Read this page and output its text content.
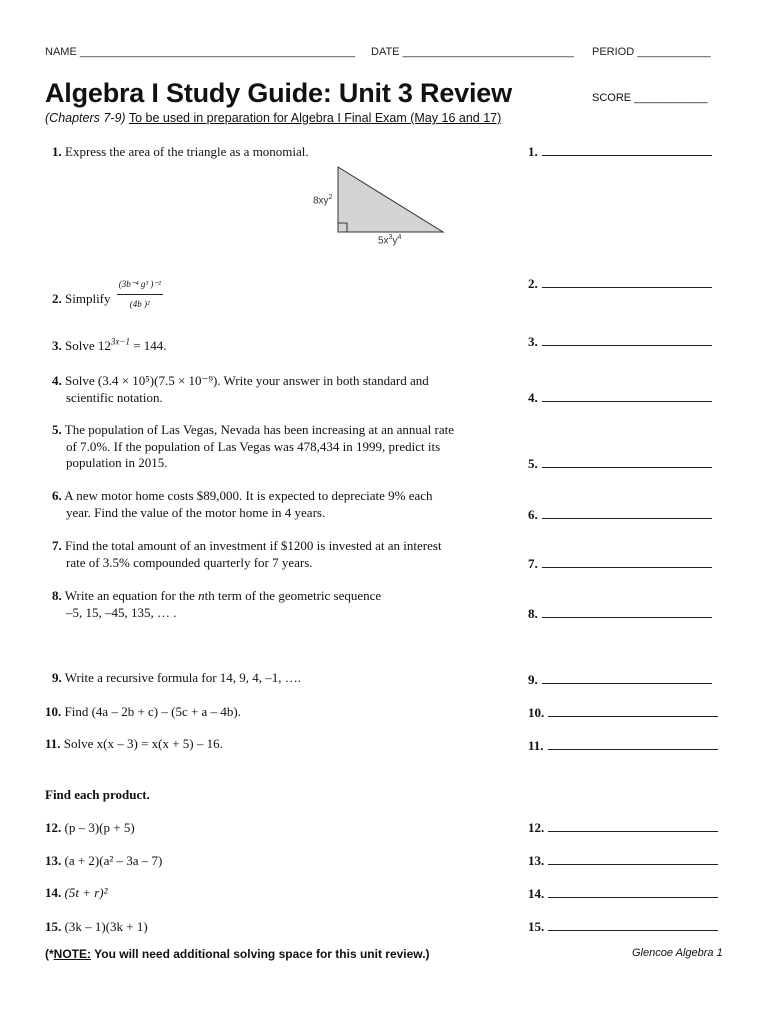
NAME _____________________________________________ DATE ____________________________ PERIOD ____________
Algebra I Study Guide: Unit 3 Review	SCORE ____________
(Chapters 7-9) To be used in preparation for Algebra I Final Exam (May 16 and 17)
1. Express the area of the triangle as a monomial.
$8xy^2$
$5x^3y^4$
2. Simplify $\frac{\text{(3b⁻⁴ g³ )⁻²}}{\text{(4b )²}}$
3. Solve $12^{3x-1} = 144$.
4. Solve (3.4 × 10⁵)(7.5 × 10⁻⁹). Write your answer in both standard and
scientific notation.
5. The population of Las Vegas, Nevada has been increasing at an annual rate
of 7.0%. If the population of Las Vegas was 478,434 in 1999, predict its
population in 2015.
6. A new motor home costs $89,000. It is expected to depreciate 9% each
year. Find the value of the motor home in 4 years.
7. Find the total amount of an investment if $1200 is invested at an interest
rate of 3.5% compounded quarterly for 7 years.
8. Write an equation for the nth term of the geometric sequence
–5, 15, –45, 135, … .
9. Write a recursive formula for 14, 9, 4, –1, ….
10. Find (4a – 2b + c) – (5c + a – 4b).
11. Solve x(x – 3) = x(x + 5) – 16.
Find each product.
12. (p – 3)(p + 5)
13. (a + 2)(a² – 3a – 7)
14. (5t + r)²
15. (3k – 1)(3k + 1)
1.
2.
3.
4.
5.
6.
7.
8.
9.
10.
11.
12.
13.
14.
15.
(*NOTE: You will need additional solving space for this unit review.)	Glencoe Algebra 1
